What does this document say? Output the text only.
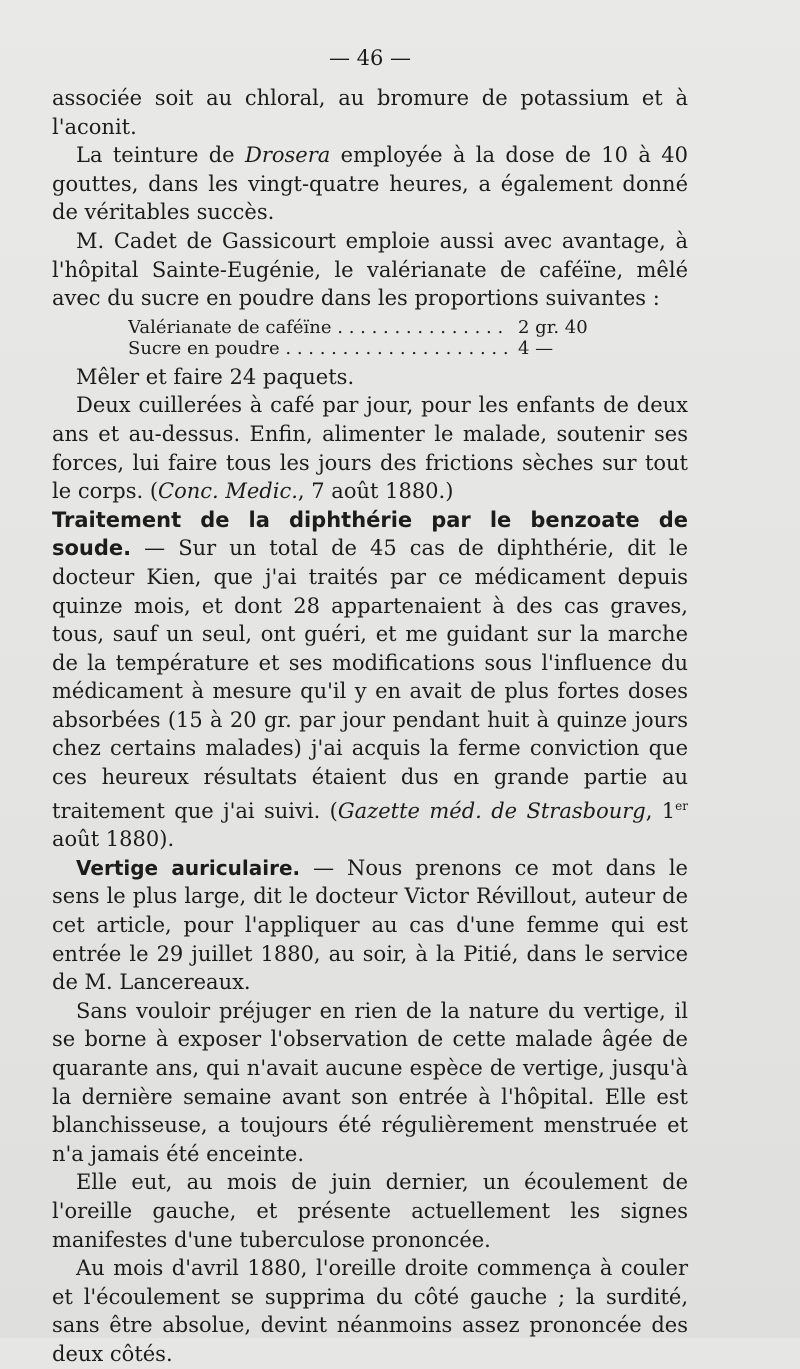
— 46 —

associée soit au chloral, au bromure de potassium et à l'aconit.

La teinture de Drosera employée à la dose de 10 à 40 gouttes, dans les vingt-quatre heures, a également donné de véritables succès.

M. Cadet de Gassicourt emploie aussi avec avantage, à l'hôpital Sainte-Eugénie, le valérianate de caféïne, mêlé avec du sucre en poudre dans les proportions suivantes :

Valérianate de caféïne . . .	2 gr. 40
Sucre en poudre . . .	4 —

Mêler et faire 24 paquets.

Deux cuillerées à café par jour, pour les enfants de deux ans et au-dessus. Enfin, alimenter le malade, soutenir ses forces, lui faire tous les jours des frictions sèches sur tout le corps. (Conc. Medic., 7 août 1880.)

Traitement de la diphthérie par le benzoate de soude. — Sur un total de 45 cas de diphthérie, dit le docteur Kien, que j'ai traités par ce médicament depuis quinze mois, et dont 28 appartenaient à des cas graves, tous, sauf un seul, ont guéri, et me guidant sur la marche de la température et ses modifications sous l'influence du médicament à mesure qu'il y en avait de plus fortes doses absorbées (15 à 20 gr. par jour pendant huit à quinze jours chez certains malades) j'ai acquis la ferme conviction que ces heureux résultats étaient dus en grande partie au traitement que j'ai suivi. (Gazette méd. de Strasbourg, 1er août 1880).

Vertige auriculaire. — Nous prenons ce mot dans le sens le plus large, dit le docteur Victor Révillout, auteur de cet article, pour l'appliquer au cas d'une femme qui est entrée le 29 juillet 1880, au soir, à la Pitié, dans le service de M. Lancereaux.

Sans vouloir préjuger en rien de la nature du vertige, il se borne à exposer l'observation de cette malade âgée de quarante ans, qui n'avait aucune espèce de vertige, jusqu'à la dernière semaine avant son entrée à l'hôpital. Elle est blanchisseuse, a toujours été régulièrement menstruée et n'a jamais été enceinte.

Elle eut, au mois de juin dernier, un écoulement de l'oreille gauche, et présente actuellement les signes manifestes d'une tuberculose prononcée.

Au mois d'avril 1880, l'oreille droite commença à couler et l'écoulement se supprima du côté gauche ; la surdité, sans être absolue, devint néanmoins assez prononcée des deux côtés.
